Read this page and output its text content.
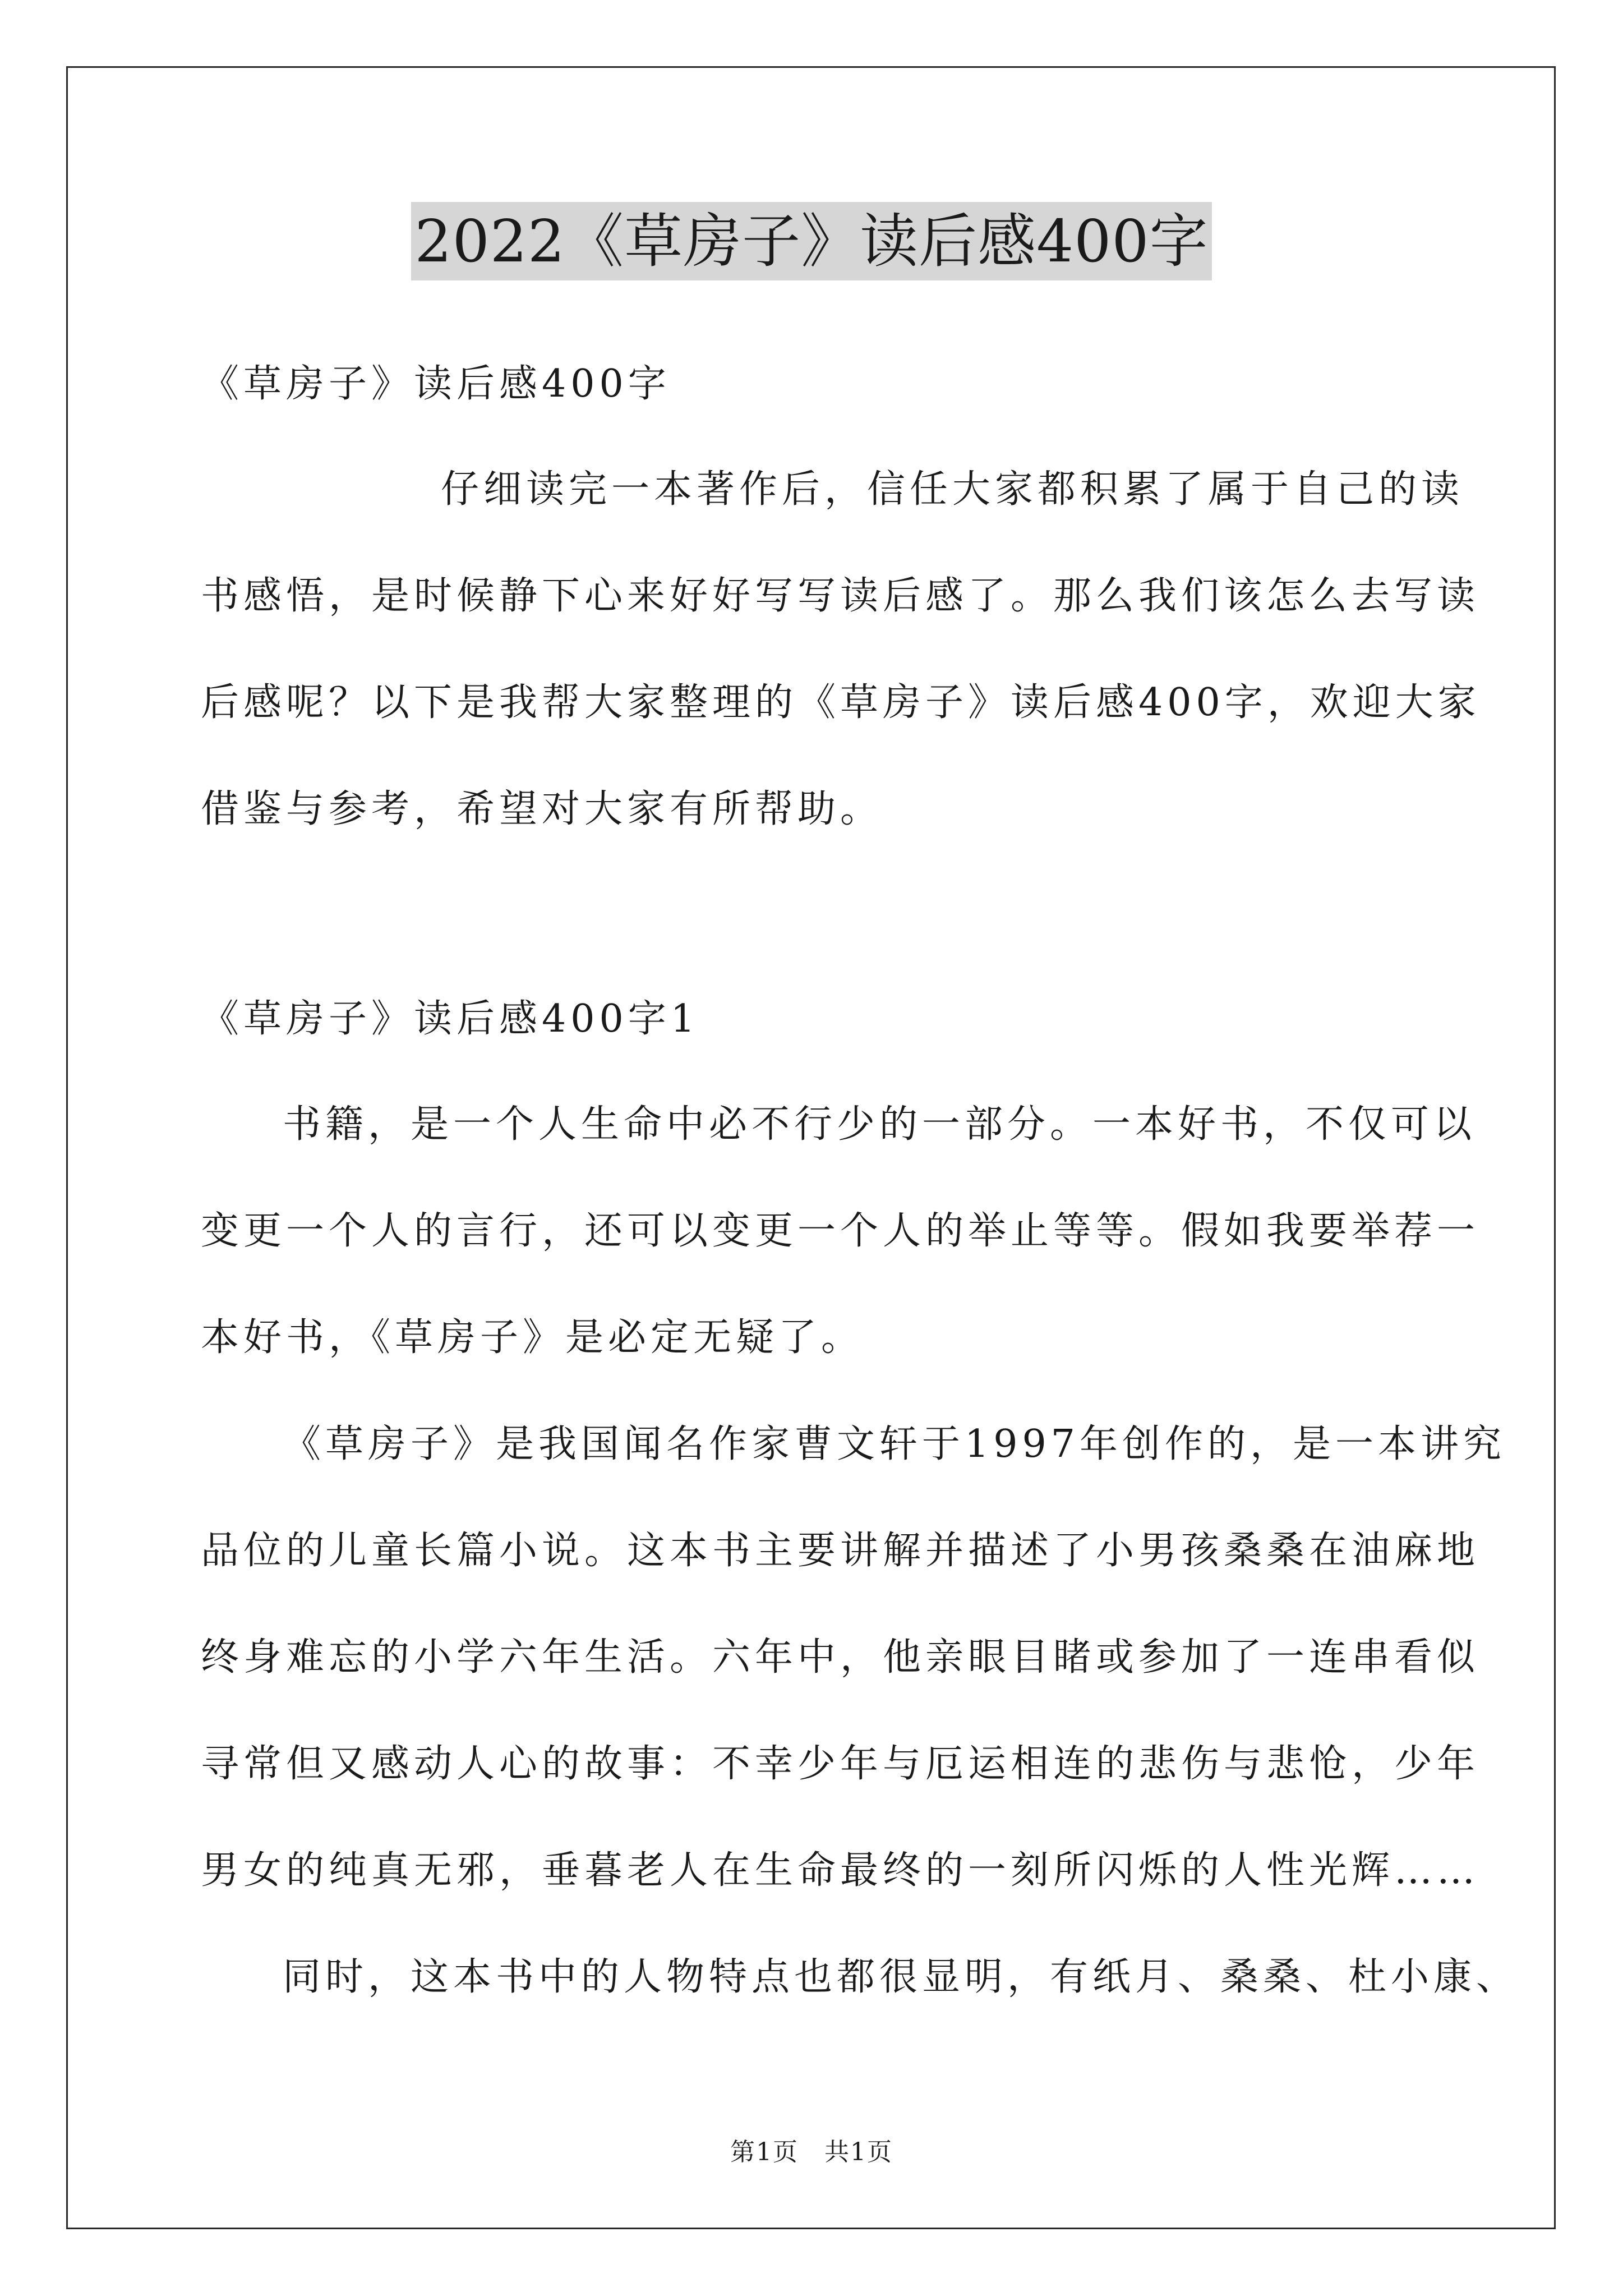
2022《草房子》读后感400字
《草房子》读后感400字
仔细读完一本著作后，信任大家都积累了属于自己的读
书感悟，是时候静下心来好好写写读后感了。那么我们该怎么去写读
后感呢？以下是我帮大家整理的《草房子》读后感400字，欢迎大家
借鉴与参考，希望对大家有所帮助。
《草房子》读后感400字1
书籍，是一个人生命中必不行少的一部分。一本好书，不仅可以
变更一个人的言行，还可以变更一个人的举止等等。假如我要举荐一
本好书，《草房子》是必定无疑了。
《草房子》是我国闻名作家曹文轩于1997年创作的，是一本讲究
品位的儿童长篇小说。这本书主要讲解并描述了小男孩桑桑在油麻地
终身难忘的小学六年生活。六年中，他亲眼目睹或参加了一连串看似
寻常但又感动人心的故事：不幸少年与厄运相连的悲伤与悲怆，少年
男女的纯真无邪，垂暮老人在生命最终的一刻所闪烁的人性光辉……
同时，这本书中的人物特点也都很显明，有纸月、桑桑、杜小康、
第1页　共1页
